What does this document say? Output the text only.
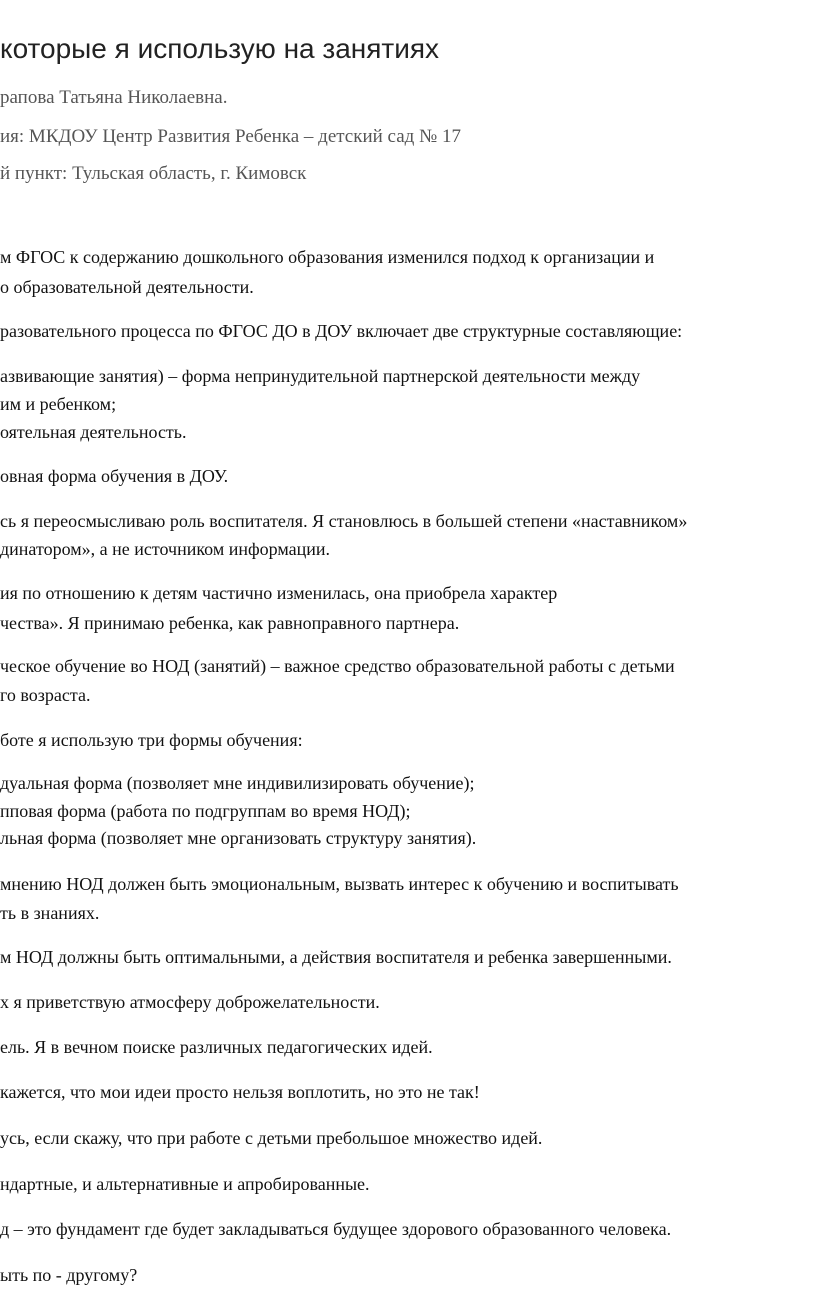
которые я использую на занятиях
рапова Татьяна Николаевна.
ия: МКДОУ Центр Развития Ребенка – детский сад № 17
й пункт: Тульская область, г. Кимовск
м ФГОС к содержанию дошкольного образования изменился подход к организации и
о образовательной деятельности.
разовательного процесса по ФГОС ДО в ДОУ включает две структурные составляющие:
азвивающие занятия) – форма непринудительной партнерской деятельности между
им и ребенком;
оятельная деятельность.
овная форма обучения в ДОУ.
сь я переосмысливаю роль воспитателя. Я становлюсь в большей степени «наставником»
динатором», а не источником информации.
ия по отношению к детям частично изменилась, она приобрела характер
чества». Я принимаю ребенка, как равноправного партнера.
ческое обучение во НОД (занятий) – важное средство образовательной работы с детьми
го возраста.
боте я использую три формы обучения:
дуальная форма (позволяет мне индивилизировать обучение);
пповая форма (работа по подгруппам во время НОД);
льная форма (позволяет мне организовать структуру занятия).
мнению НОД должен быть эмоциональным, вызвать интерес к обучению и воспитывать
ть в знаниях.
м НОД должны быть оптимальными, а действия воспитателя и ребенка завершенными.
х я приветствую атмосферу доброжелательности.
ель. Я в вечном поиске различных педагогических идей.
кажется, что мои идеи просто нельзя воплотить, но это не так!
усь, если скажу, что при работе с детьми пребольшое множество идей.
ндартные, и альтернативные и апробированные.
д – это фундамент где будет закладываться будущее здорового образованного человека.
ыть по - другому?
